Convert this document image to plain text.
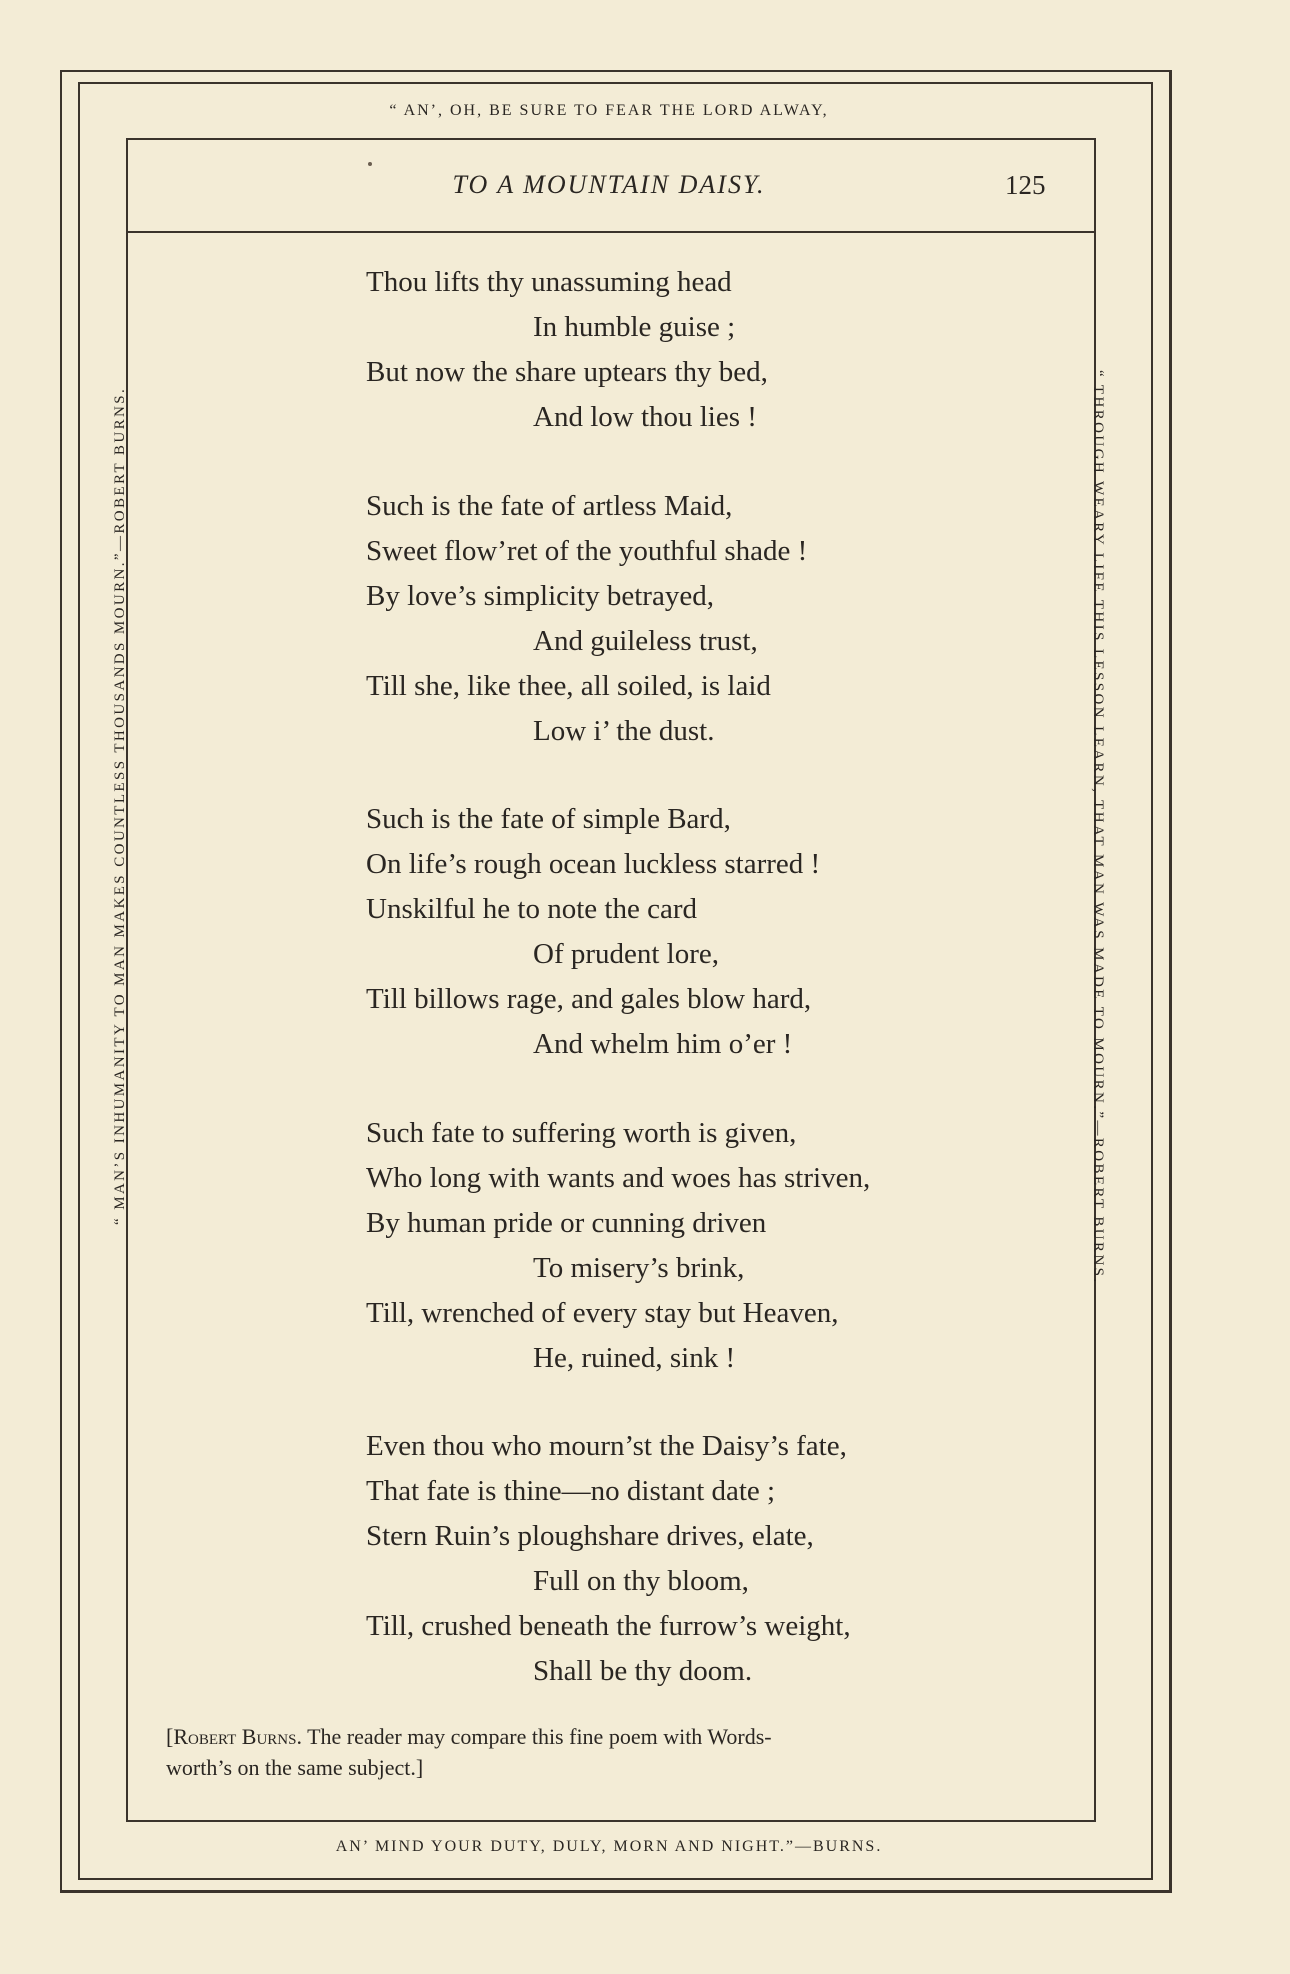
“ AN’, OH, BE SURE TO FEAR THE LORD ALWAY,
AN’ MIND YOUR DUTY, DULY, MORN AND NIGHT.”—BURNS.
“ MAN’S INHUMANITY TO MAN MAKES COUNTLESS THOUSANDS MOURN.”—ROBERT BURNS.	“ THROUGH WEARY LIFE THIS LESSON LEARN, THAT MAN WAS MADE TO MOURN.”—ROBERT BURNS.
TO A MOUNTAIN DAISY.	125
Thou lifts thy unassuming head
In humble guise ;
But now the share uptears thy bed,
And low thou lies !
Such is the fate of artless Maid,
Sweet flow’ret of the youthful shade !
By love’s simplicity betrayed,
And guileless trust,
Till she, like thee, all soiled, is laid
Low i’ the dust.
Such is the fate of simple Bard,
On life’s rough ocean luckless starred !
Unskilful he to note the card
Of prudent lore,
Till billows rage, and gales blow hard,
And whelm him o’er !
Such fate to suffering worth is given,
Who long with wants and woes has striven,
By human pride or cunning driven
To misery’s brink,
Till, wrenched of every stay but Heaven,
He, ruined, sink !
Even thou who mourn’st the Daisy’s fate,
That fate is thine—no distant date ;
Stern Ruin’s ploughshare drives, elate,
Full on thy bloom,
Till, crushed beneath the furrow’s weight,
Shall be thy doom.
[Robert Burns. The reader may compare this fine poem with Words-
worth’s on the same subject.]
